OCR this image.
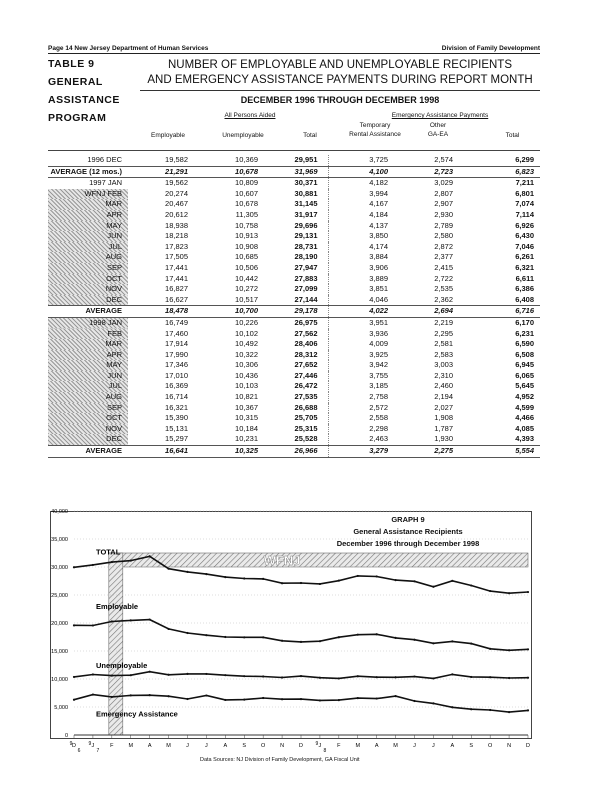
Page 14 New Jersey Department of Human Services	Division of Family Development
TABLE 9
GENERAL
ASSISTANCE
PROGRAM
NUMBER OF EMPLOYABLE AND UNEMPLOYABLE RECIPIENTS
AND EMERGENCY ASSISTANCE PAYMENTS DURING REPORT MONTH
DECEMBER 1996 THROUGH DECEMBER 1998
All Persons Aided	Emergency Assistance Payments
Employable	Unemployable	Total
Temporary
Rental Assistance
Other
GA-EA	Total
1996 DEC	19,582	10,369	29,951	3,725	2,574	6,299
AVERAGE (12 mos.)	21,291	10,678	31,969	4,100	2,723	6,823
1997 JAN	19,562	10,809	30,371	4,182	3,029	7,211
WFNJ FEB	20,274	10,607	30,881	3,994	2,807	6,801
MAR	20,467	10,678	31,145	4,167	2,907	7,074
APR	20,612	11,305	31,917	4,184	2,930	7,114
MAY	18,938	10,758	29,696	4,137	2,789	6,926
JUN	18,218	10,913	29,131	3,850	2,580	6,430
JUL	17,823	10,908	28,731	4,174	2,872	7,046
AUG	17,505	10,685	28,190	3,884	2,377	6,261
SEP	17,441	10,506	27,947	3,906	2,415	6,321
OCT	17,441	10,442	27,883	3,889	2,722	6,611
NOV	16,827	10,272	27,099	3,851	2,535	6,386
DEC	16,627	10,517	27,144	4,046	2,362	6,408
AVERAGE	18,478	10,700	29,178	4,022	2,694	6,716
1998 JAN	16,749	10,226	26,975	3,951	2,219	6,170
FEB	17,460	10,102	27,562	3,936	2,295	6,231
MAR	17,914	10,492	28,406	4,009	2,581	6,590
APR	17,990	10,322	28,312	3,925	2,583	6,508
MAY	17,346	10,306	27,652	3,942	3,003	6,945
JUN	17,010	10,436	27,446	3,755	2,310	6,065
JUL	16,369	10,103	26,472	3,185	2,460	5,645
AUG	16,714	10,821	27,535	2,758	2,194	4,952
SEP	16,321	10,367	26,688	2,572	2,027	4,599
OCT	15,390	10,315	25,705	2,558	1,908	4,466
NOV	15,131	10,184	25,315	2,298	1,787	4,085
DEC	15,297	10,231	25,528	2,463	1,930	4,393
AVERAGE	16,641	10,325	26,966	3,279	2,275	5,554
WFNJ
0
5,000
10,000
15,000
20,000
25,000
30,000
35,000
40,000
D	J	F	M	A	M	J	J	A	S	O	N	D	J	F	M	A	M	J	J	A	S	O	N	D
9
6
9
7
9
8
TOTAL
Employable
Unemployable
Emergency Assistance
GRAPH 9
General Assistance Recipients
December 1996 through December 1998
Data Sources: NJ Division of Family Development, GA Fiscal Unit
